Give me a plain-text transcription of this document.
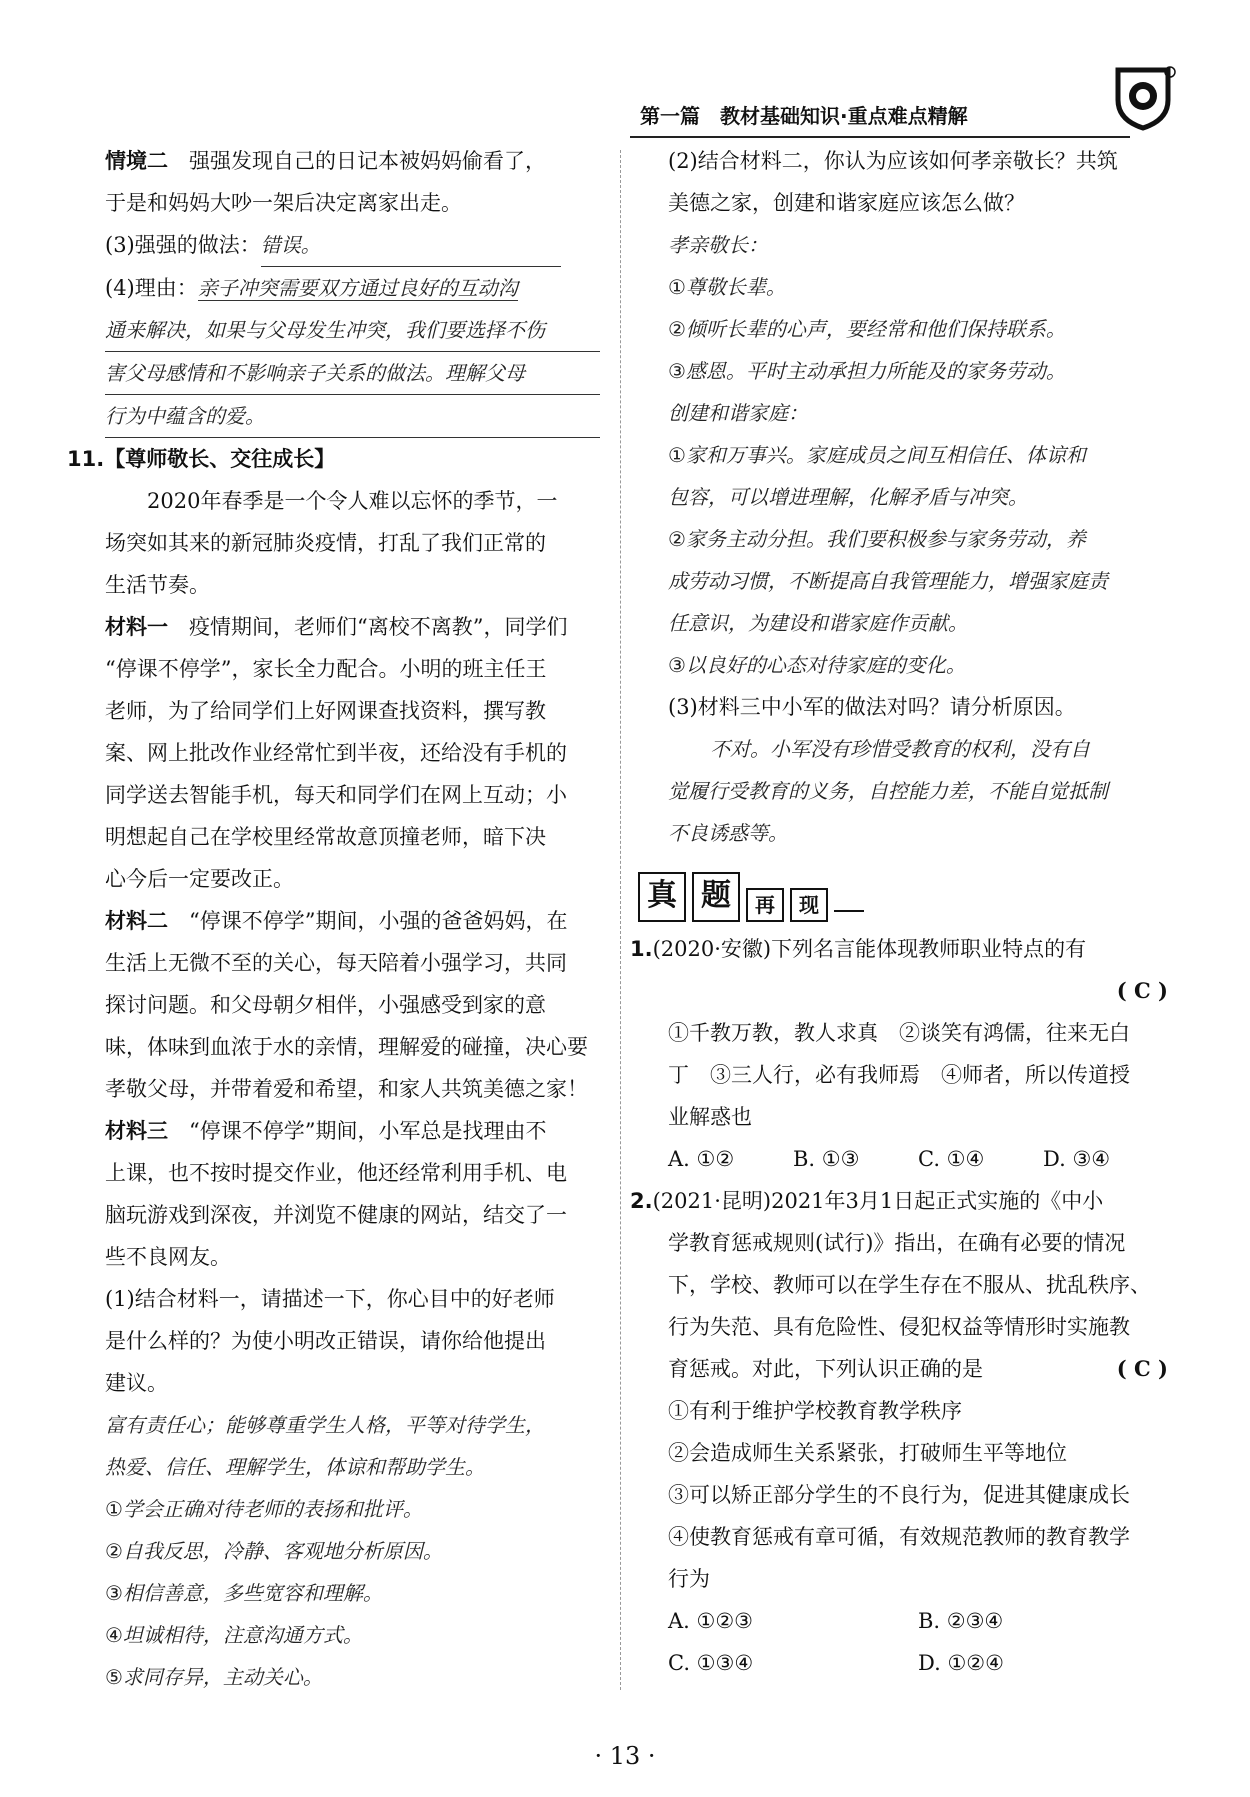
第一篇　教材基础知识·重点难点精解
情境二　 强强发现自己的日记本被妈妈偷看了，
于是和妈妈大吵一架后决定离家出走。
(3)强强的做法：错误。
(4)理由：亲子冲突需要双方通过良好的互动沟
通来解决，如果与父母发生冲突，我们要选择不伤
害父母感情和不影响亲子关系的做法。理解父母
行为中蕴含的爱。
11.【尊师敬长、交往成长】
2020年春季是一个令人难以忘怀的季节，一
场突如其来的新冠肺炎疫情，打乱了我们正常的
生活节奏。
材料一　 疫情期间，老师们“离校不离教”，同学们
“停课不停学”，家长全力配合。小明的班主任王
老师，为了给同学们上好网课查找资料，撰写教
案、网上批改作业经常忙到半夜，还给没有手机的
同学送去智能手机，每天和同学们在网上互动；小
明想起自己在学校里经常故意顶撞老师，暗下决
心今后一定要改正。
材料二　 “停课不停学”期间，小强的爸爸妈妈，在
生活上无微不至的关心，每天陪着小强学习，共同
探讨问题。和父母朝夕相伴，小强感受到家的意
味，体味到血浓于水的亲情，理解爱的碰撞，决心要
孝敬父母，并带着爱和希望，和家人共筑美德之家！
材料三　 “停课不停学”期间，小军总是找理由不
上课，也不按时提交作业，他还经常利用手机、电
脑玩游戏到深夜，并浏览不健康的网站，结交了一
些不良网友。
(1)结合材料一，请描述一下，你心目中的好老师
是什么样的？为使小明改正错误，请你给他提出
建议。
富有责任心；能够尊重学生人格，平等对待学生，
热爱、信任、理解学生，体谅和帮助学生。
①学会正确对待老师的表扬和批评。
②自我反思，冷静、客观地分析原因。
③相信善意，多些宽容和理解。
④坦诚相待，注意沟通方式。
⑤求同存异，主动关心。
(2)结合材料二，你认为应该如何孝亲敬长？共筑
美德之家，创建和谐家庭应该怎么做？
孝亲敬长：
①尊敬长辈。
②倾听长辈的心声，要经常和他们保持联系。
③感恩。平时主动承担力所能及的家务劳动。
创建和谐家庭：
①家和万事兴。家庭成员之间互相信任、体谅和
包容，可以增进理解，化解矛盾与冲突。
②家务主动分担。我们要积极参与家务劳动，养
成劳动习惯，不断提高自我管理能力，增强家庭责
任意识，为建设和谐家庭作贡献。
③以良好的心态对待家庭的变化。
(3)材料三中小军的做法对吗？请分析原因。
不对。小军没有珍惜受教育的权利，没有自
觉履行受教育的义务，自控能力差，不能自觉抵制
不良诱惑等。
真 题	再	现
1.(2020·安徽)下列名言能体现教师职业特点的有
( C )

①千教万教，教人求真　②谈笑有鸿儒，往来无白
丁　③三人行，必有我师焉　④师者，所以传道授
业解惑也
A. ①②	B. ①③	C. ①④	D. ③④
2.(2021·昆明)2021年3月1日起正式实施的《中小
学教育惩戒规则(试行)》指出，在确有必要的情况
下，学校、教师可以在学生存在不服从、扰乱秩序、
行为失范、具有危险性、侵犯权益等情形时实施教
育惩戒。对此，下列认识正确的是	( C )
①有利于维护学校教育教学秩序
②会造成师生关系紧张，打破师生平等地位
③可以矫正部分学生的不良行为，促进其健康成长
④使教育惩戒有章可循，有效规范教师的教育教学
行为
A. ①②③	B. ②③④
C. ①③④	D. ①②④
· 13 ·
